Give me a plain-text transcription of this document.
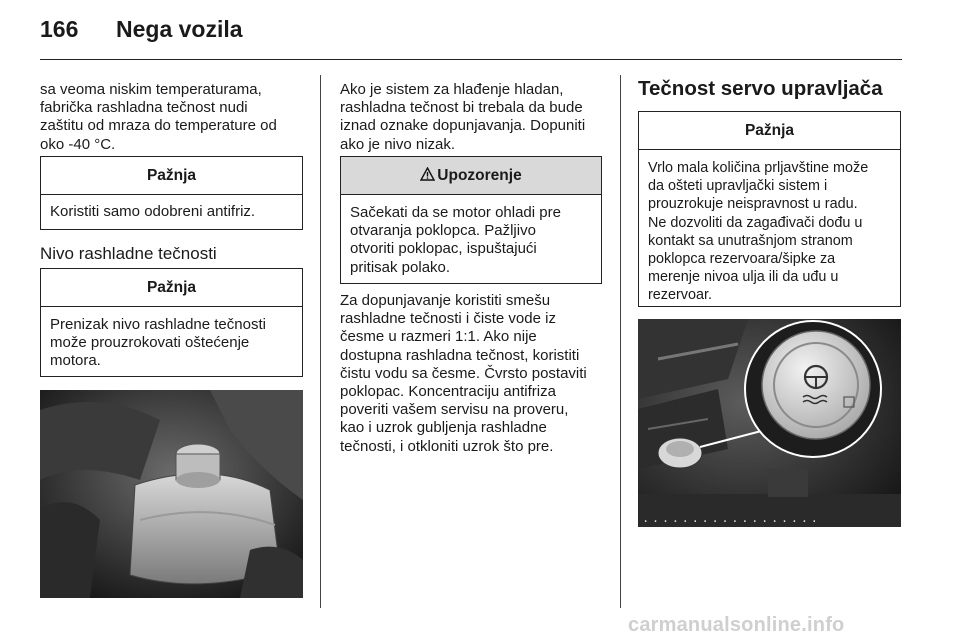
166 Nega vozila
sa veoma niskim temperaturama,
fabrička rashladna tečnost nudi
zaštitu od mraza do temperature od
oko -40 °C.
Pažnja
Koristiti samo odobreni antifriz.
Nivo rashladne tečnosti
Pažnja
Prenizak nivo rashladne tečnosti
može prouzrokovati oštećenje
motora.
Ako je sistem za hlađenje hladan,
rashladna tečnost bi trebala da bude
iznad oznake dopunjavanja. Dopuniti
ako je nivo nizak.
Upozorenje
Sačekati da se motor ohladi pre
otvaranja poklopca. Pažljivo
otvoriti poklopac, ispuštajući
pritisak polako.
Za dopunjavanje koristiti smešu
rashladne tečnosti i čiste vode iz
česme u razmeri 1:1. Ako nije
dostupna rashladna tečnost, koristiti
čistu vodu sa česme. Čvrsto postaviti
poklopac. Koncentraciju antifriza
poveriti vašem servisu na proveru,
kao i uzrok gubljenja rashladne
tečnosti, i otkloniti uzrok što pre.
Tečnost servo upravljača
Pažnja
Vrlo mala količina prljavštine može
da ošteti upravljački sistem i
prouzrokuje neispravnost u radu.
Ne dozvoliti da zagađivači dođu u
kontakt sa unutrašnjom stranom
poklopca rezervoara/šipke za
merenje nivoa ulja ili da uđu u
rezervoar.
ꓸ ꓸ ꓸ ꓸ ꓸ ꓸ ꓸ ꓸ ꓸ ꓸ ꓸ ꓸ ꓸ ꓸ ꓸ ꓸ ꓸ ꓸ
carmanualsonline.info
